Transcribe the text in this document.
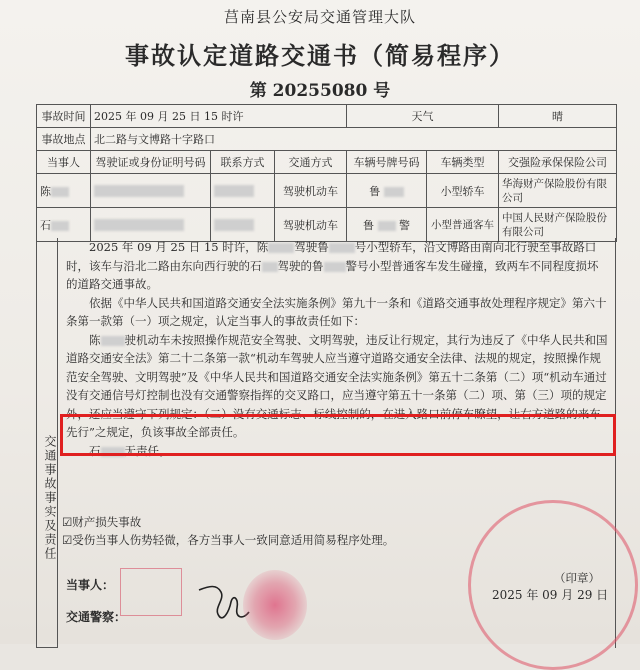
莒南县公安局交通管理大队
事故认定道路交通书（简易程序）
第 20255080 号
事故时间	2025 年 09 月 25 日 15 时许			天气		晴
事故地点	北二路与文博路十字路口					
当事人	驾驶证或身份证明号码	联系方式	交通方式	车辆号牌号码	车辆类型	交强险承保保险公司
陈			驾驶机动车	鲁	小型轿车	华海财产保险股份有限公司
石			驾驶机动车	鲁 警	小型普通客车	中国人民财产保险股份有限公司
交通事故事实及责任

2025 年 09 月 25 日 15 时许，陈 驾驶鲁 号小型轿车，沿文博路由南向北行驶至事故路口时，该车与沿北二路由东向西行驶的石 驾驶的鲁 警号小型普通客车发生碰撞，致两车不同程度损坏的道路交通事故。

依据《中华人民共和国道路交通安全法实施条例》第九十一条和《道路交通事故处理程序规定》第六十条第一款第（一）项之规定，认定当事人的事故责任如下：

陈 驶机动车未按照操作规范安全驾驶、文明驾驶，违反让行规定，其行为违反了《中华人民共和国道路交通安全法》第二十二条第一款“机动车驾驶人应当遵守道路交通安全法律、法规的规定，按照操作规范安全驾驶、文明驾驶”及《中华人民共和国道路交通安全法实施条例》第五十二条第（二）项“机动车通过没有交通信号灯控制也没有交通警察指挥的交叉路口，应当遵守第五十一条第（二）项、第（三）项的规定外，还应当遵守下列规定：（二）没有交通标志、标线控制的，在进入路口前停车瞭望，让右方道路的来车先行”之规定，负该事故全部责任。

石 无责任。

☑财产损失事故
☑受伤当事人伤势轻微，各方当事人一致同意适用简易程序处理。
当事人：
交通警察：
（印章）
2025 年 09 月 29 日
